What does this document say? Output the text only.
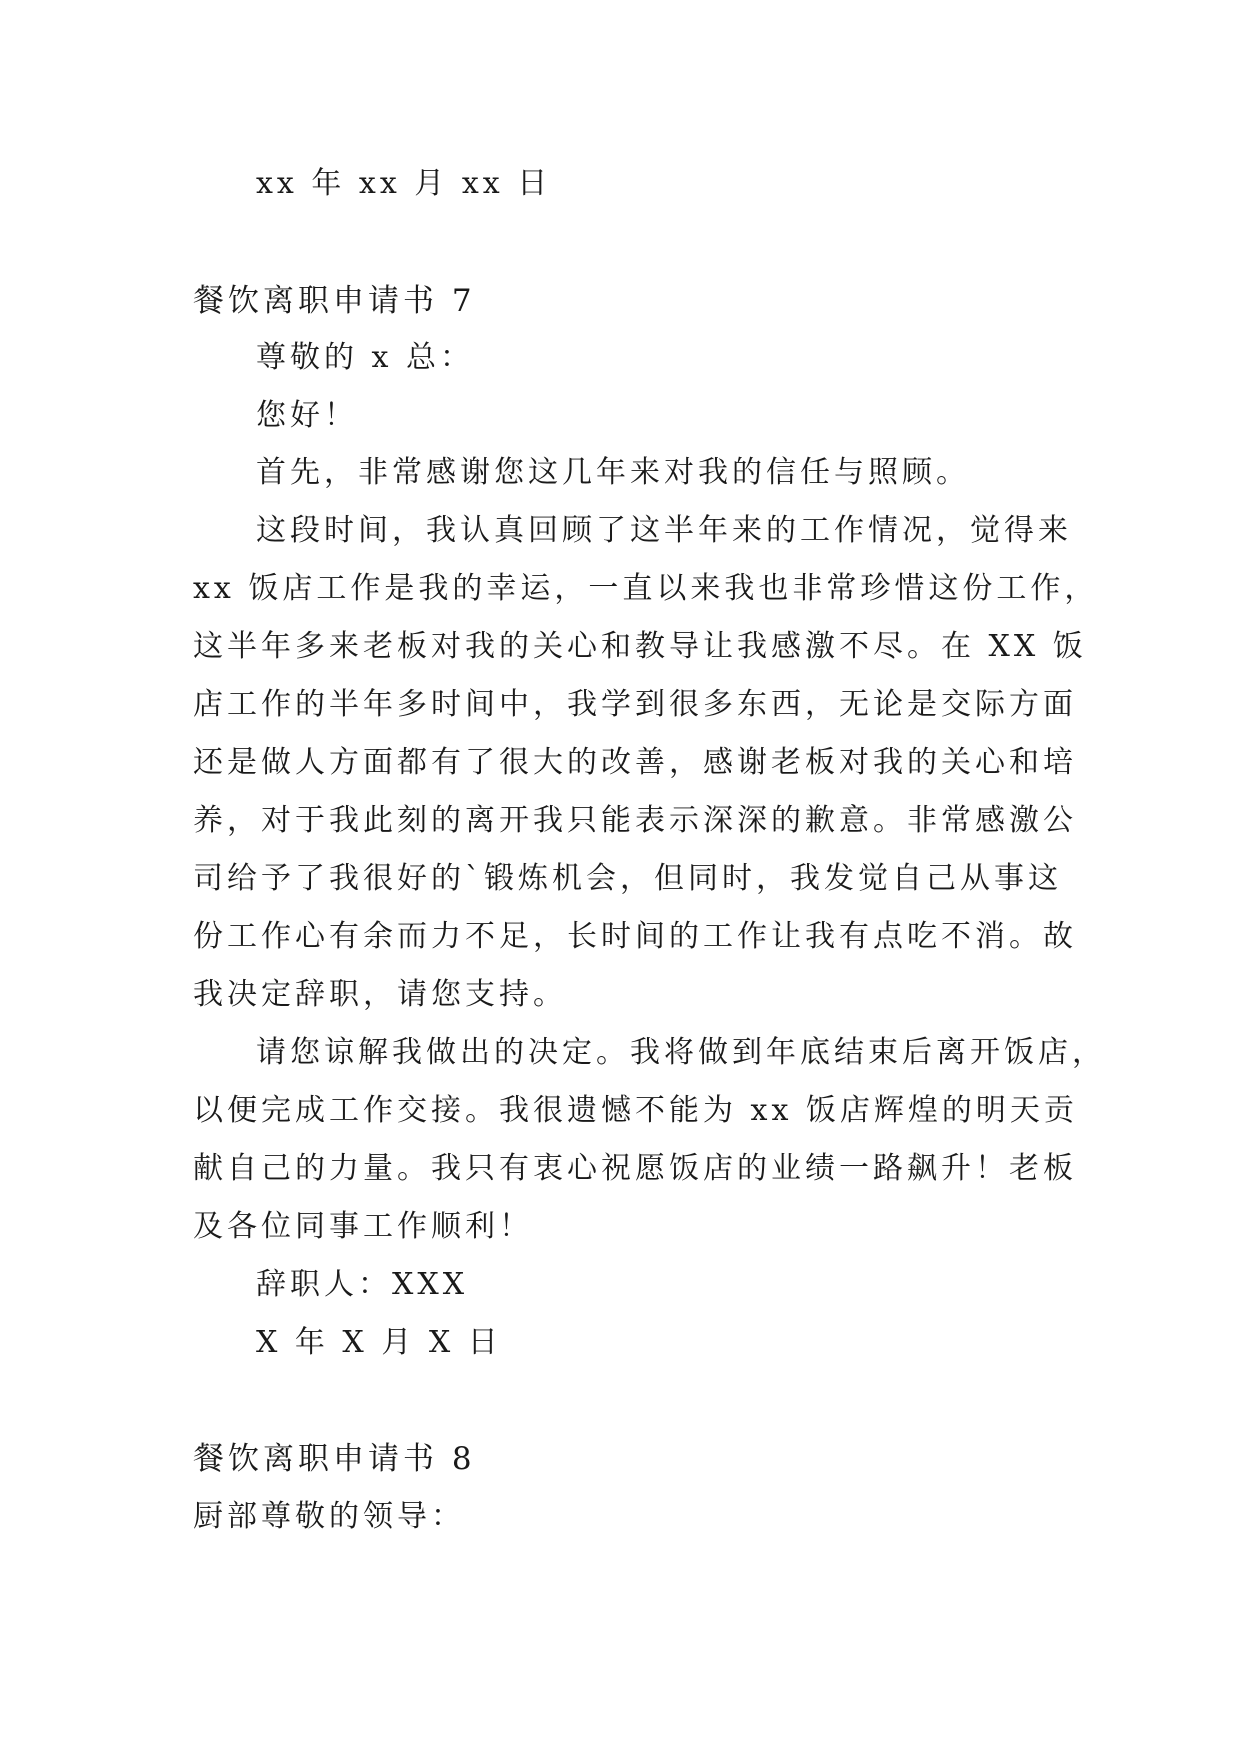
xx 年 xx 月 xx 日
餐饮离职申请书 7
尊敬的 x 总：
您好！
首先，非常感谢您这几年来对我的信任与照顾。
这段时间，我认真回顾了这半年来的工作情况，觉得来
xx 饭店工作是我的幸运，一直以来我也非常珍惜这份工作，
这半年多来老板对我的关心和教导让我感激不尽。在 XX 饭
店工作的半年多时间中，我学到很多东西，无论是交际方面
还是做人方面都有了很大的改善，感谢老板对我的关心和培
养，对于我此刻的离开我只能表示深深的歉意。非常感激公
司给予了我很好的`锻炼机会，但同时，我发觉自己从事这
份工作心有余而力不足，长时间的工作让我有点吃不消。故
我决定辞职，请您支持。
请您谅解我做出的决定。我将做到年底结束后离开饭店，
以便完成工作交接。我很遗憾不能为 xx 饭店辉煌的明天贡
献自己的力量。我只有衷心祝愿饭店的业绩一路飙升！老板
及各位同事工作顺利！
辞职人：XXX
X 年 X 月 X 日
餐饮离职申请书 8
厨部尊敬的领导：
